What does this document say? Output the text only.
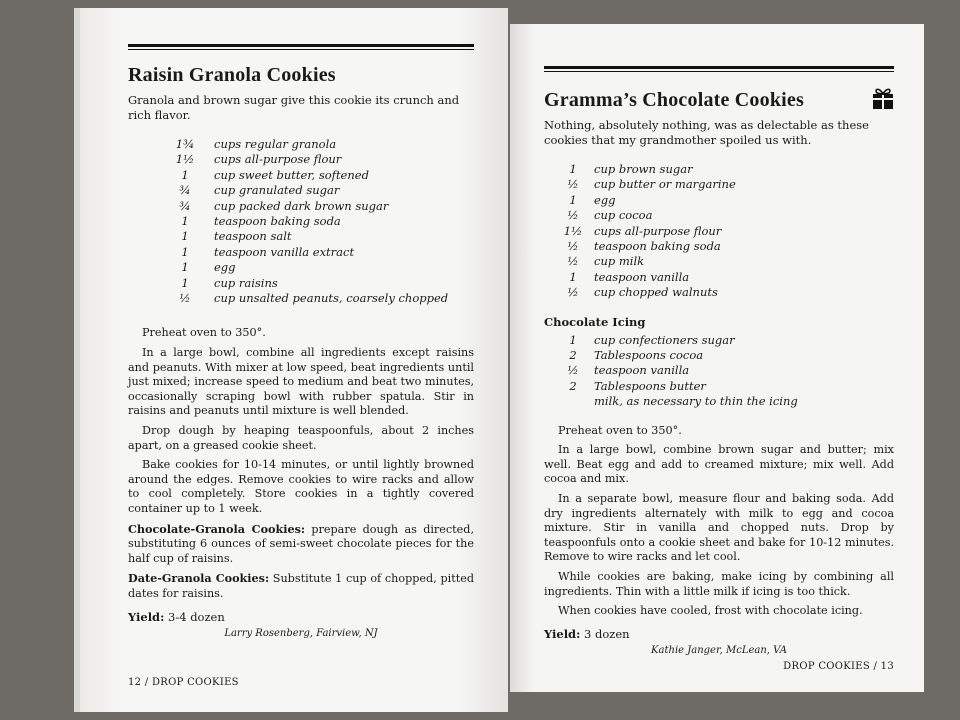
Raisin Granola Cookies

Granola and brown sugar give this cookie its crunch and rich flavor.

1¾	cups regular granola
1½	cups all-purpose flour
1	cup sweet butter, softened
¾	cup granulated sugar
¾	cup packed dark brown sugar
1	teaspoon baking soda
1	teaspoon salt
1	teaspoon vanilla extract
1	egg
1	cup raisins
½	cup unsalted peanuts, coarsely chopped

Preheat oven to 350°.

In a large bowl, combine all ingredients except raisins and peanuts. With mixer at low speed, beat ingredients until just mixed; increase speed to medium and beat two minutes, occasionally scraping bowl with rubber spatula. Stir in raisins and peanuts until mixture is well blended.

Drop dough by heaping teaspoonfuls, about 2 inches apart, on a greased cookie sheet.

Bake cookies for 10-14 minutes, or until lightly browned around the edges. Remove cookies to wire racks and allow to cool completely. Store cookies in a tightly covered container up to 1 week.

Chocolate-Granola Cookies: prepare dough as directed, substituting 6 ounces of semi-sweet chocolate pieces for the half cup of raisins.

Date-Granola Cookies: Substitute 1 cup of chopped, pitted dates for raisins.

Yield: 3-4 dozen

Larry Rosenberg, Fairview, NJ

12 / DROP COOKIES
Gramma’s Chocolate Cookies

Nothing, absolutely nothing, was as delectable as these cookies that my grandmother spoiled us with.

1	cup brown sugar
½	cup butter or margarine
1	egg
½	cup cocoa
1½	cups all-purpose flour
½	teaspoon baking soda
½	cup milk
1	teaspoon vanilla
½	cup chopped walnuts
Chocolate Icing
1	cup confectioners sugar
2	Tablespoons cocoa
½	teaspoon vanilla
2	Tablespoons butter
milk, as necessary to thin the icing

Preheat oven to 350°.

In a large bowl, combine brown sugar and butter; mix well. Beat egg and add to creamed mixture; mix well. Add cocoa and mix.

In a separate bowl, measure flour and baking soda. Add dry ingredients alternately with milk to egg and cocoa mixture. Stir in vanilla and chopped nuts. Drop by teaspoonfuls onto a cookie sheet and bake for 10-12 minutes. Remove to wire racks and let cool.

While cookies are baking, make icing by combining all ingredients. Thin with a little milk if icing is too thick.

When cookies have cooled, frost with chocolate icing.

Yield: 3 dozen

Kathie Janger, McLean, VA

DROP COOKIES / 13
